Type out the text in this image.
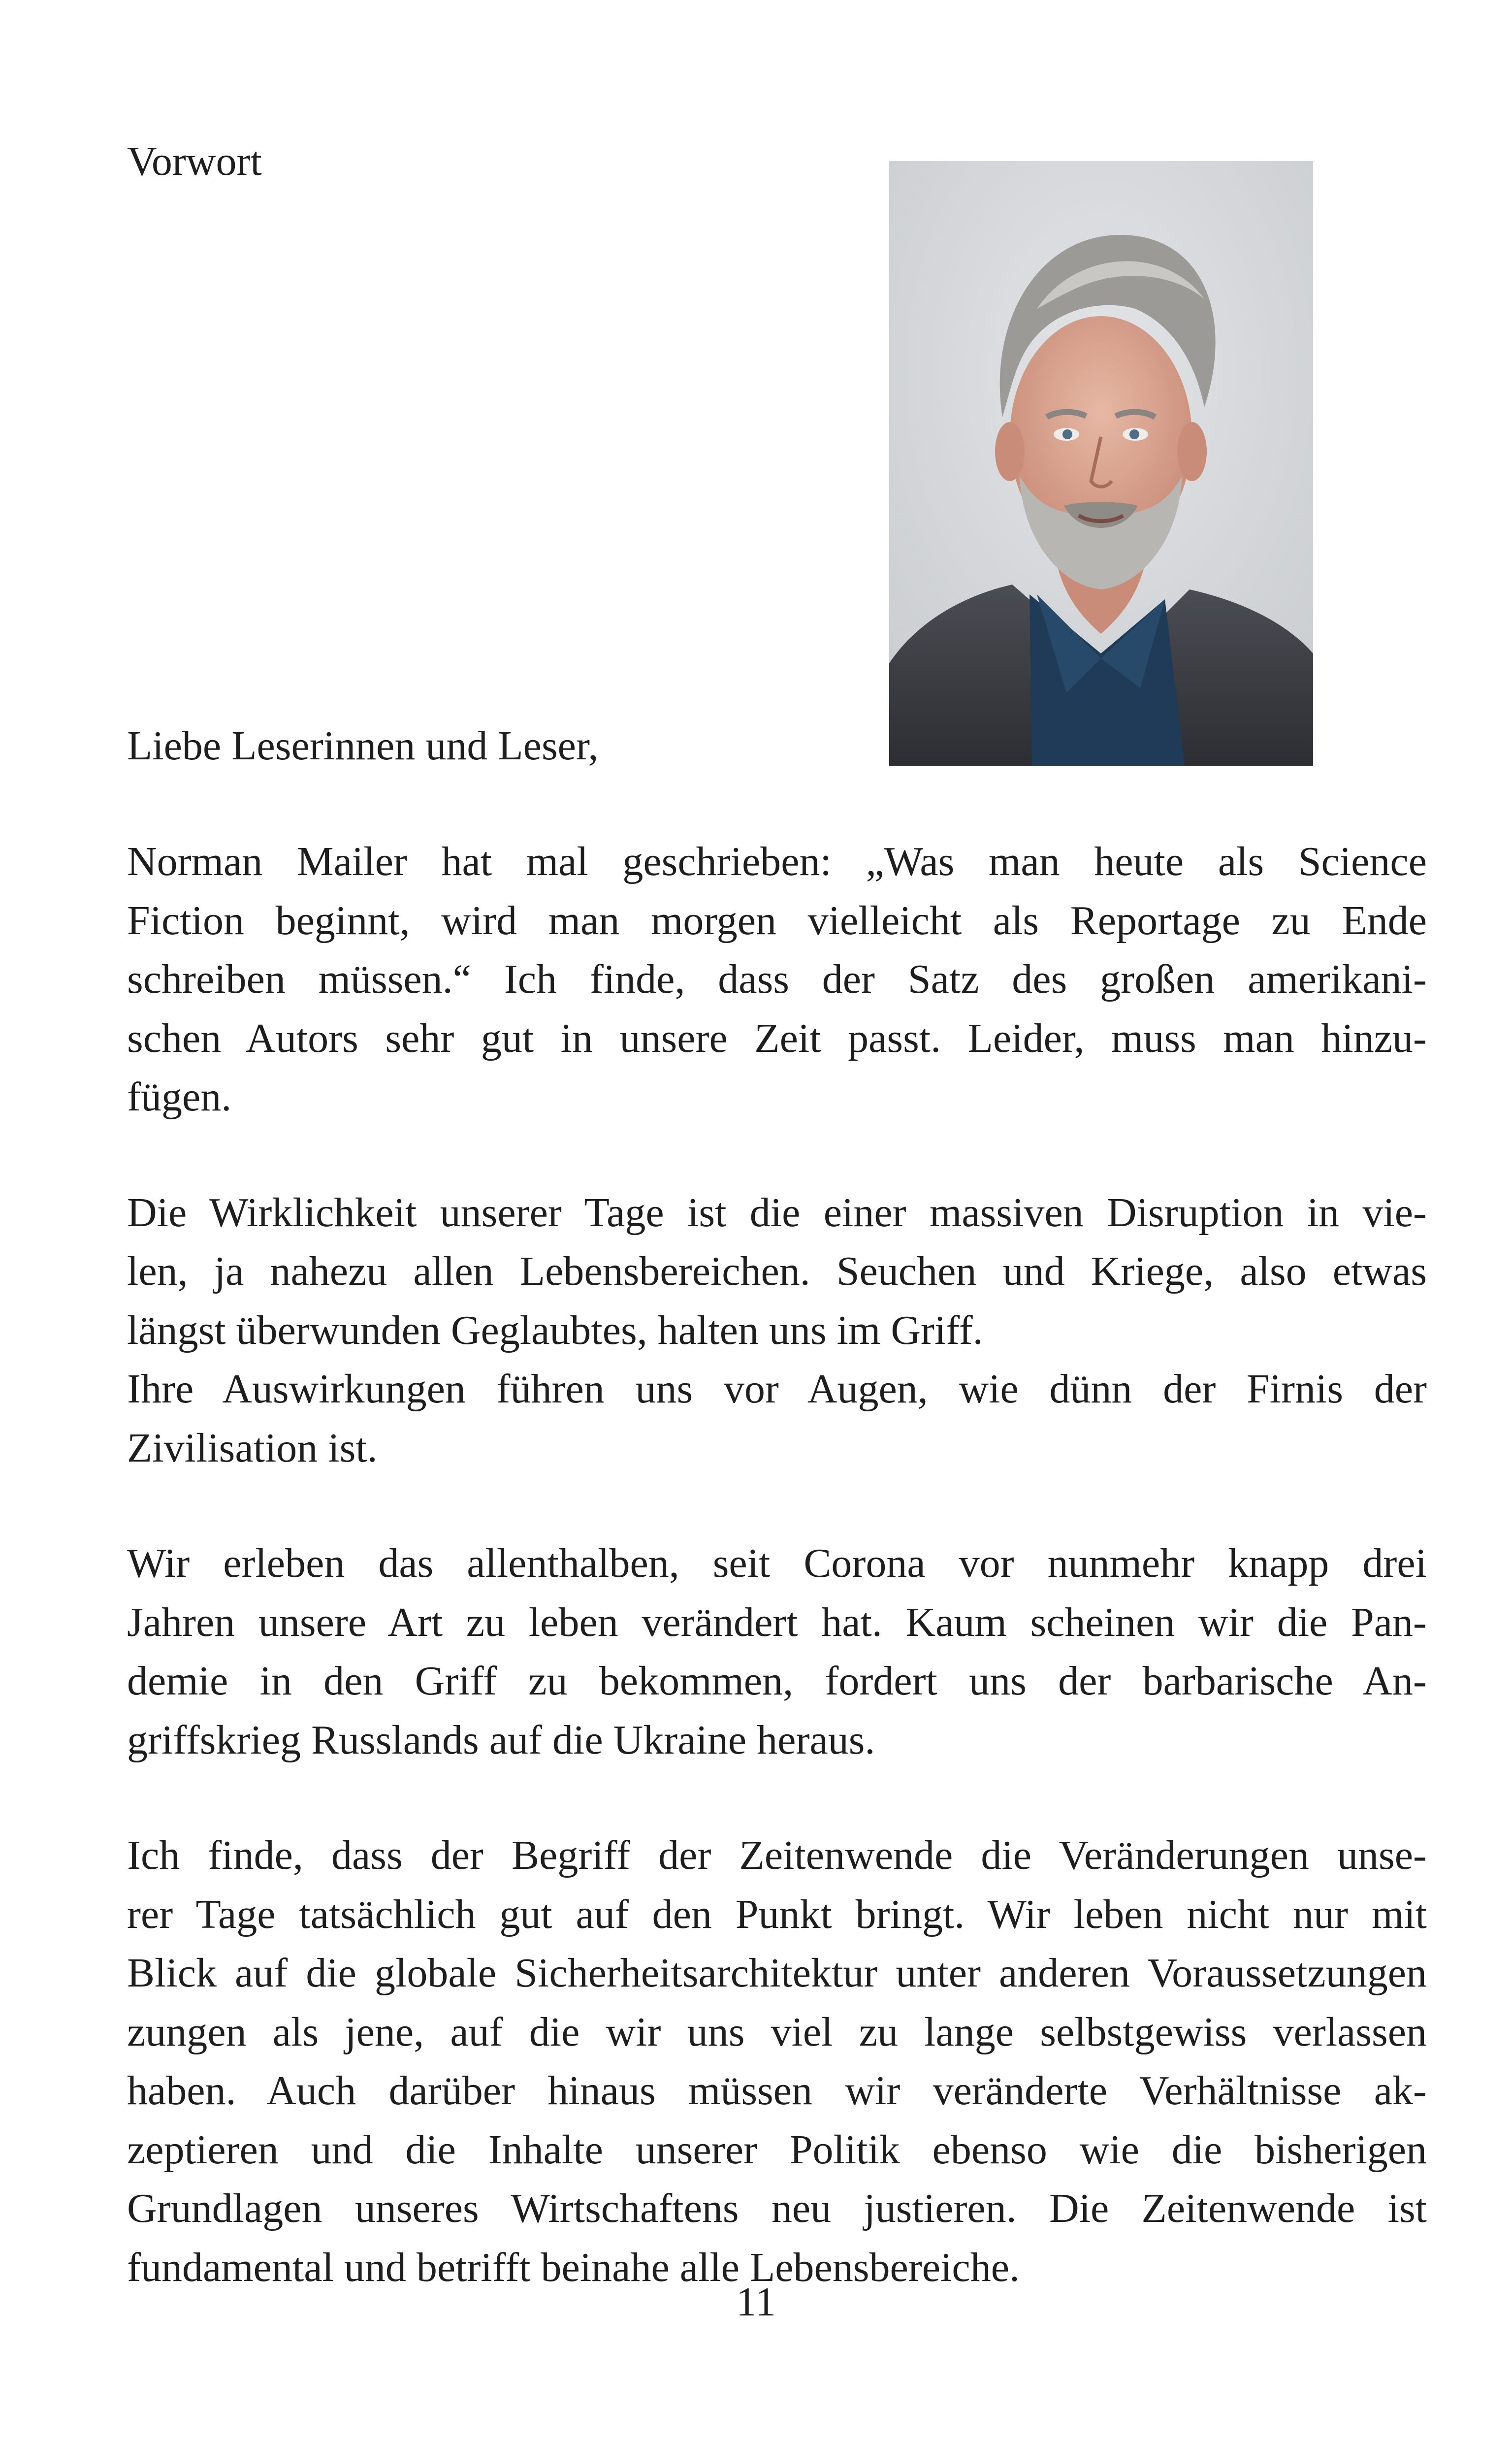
Vorwort
Liebe Leserinnen und Leser,

Norman Mailer hat mal geschrieben: „Was man heute als Science
Fiction beginnt, wird man morgen vielleicht als Reportage zu Ende
schreiben müssen.“ Ich finde, dass der Satz des großen amerikani-
schen Autors sehr gut in unsere Zeit passt. Leider, muss man hinzu-
fügen.

Die Wirklichkeit unserer Tage ist die einer massiven Disruption in vie-
len, ja nahezu allen Lebensbereichen. Seuchen und Kriege, also etwas
längst überwunden Geglaubtes, halten uns im Griff.
Ihre Auswirkungen führen uns vor Augen, wie dünn der Firnis der
Zivilisation ist.

Wir erleben das allenthalben, seit Corona vor nunmehr knapp drei
Jahren unsere Art zu leben verändert hat. Kaum scheinen wir die Pan-
demie in den Griff zu bekommen, fordert uns der barbarische An-
griffskrieg Russlands auf die Ukraine heraus.

Ich finde, dass der Begriff der Zeitenwende die Veränderungen unse-
rer Tage tatsächlich gut auf den Punkt bringt. Wir leben nicht nur mit
Blick auf die globale Sicherheitsarchitektur unter anderen Voraussetzungen
zungen als jene, auf die wir uns viel zu lange selbstgewiss verlassen
haben. Auch darüber hinaus müssen wir veränderte Verhältnisse ak-
zeptieren und die Inhalte unserer Politik ebenso wie die bisherigen
Grundlagen unseres Wirtschaftens neu justieren. Die Zeitenwende ist
fundamental und betrifft beinahe alle Lebensbereiche.

11
